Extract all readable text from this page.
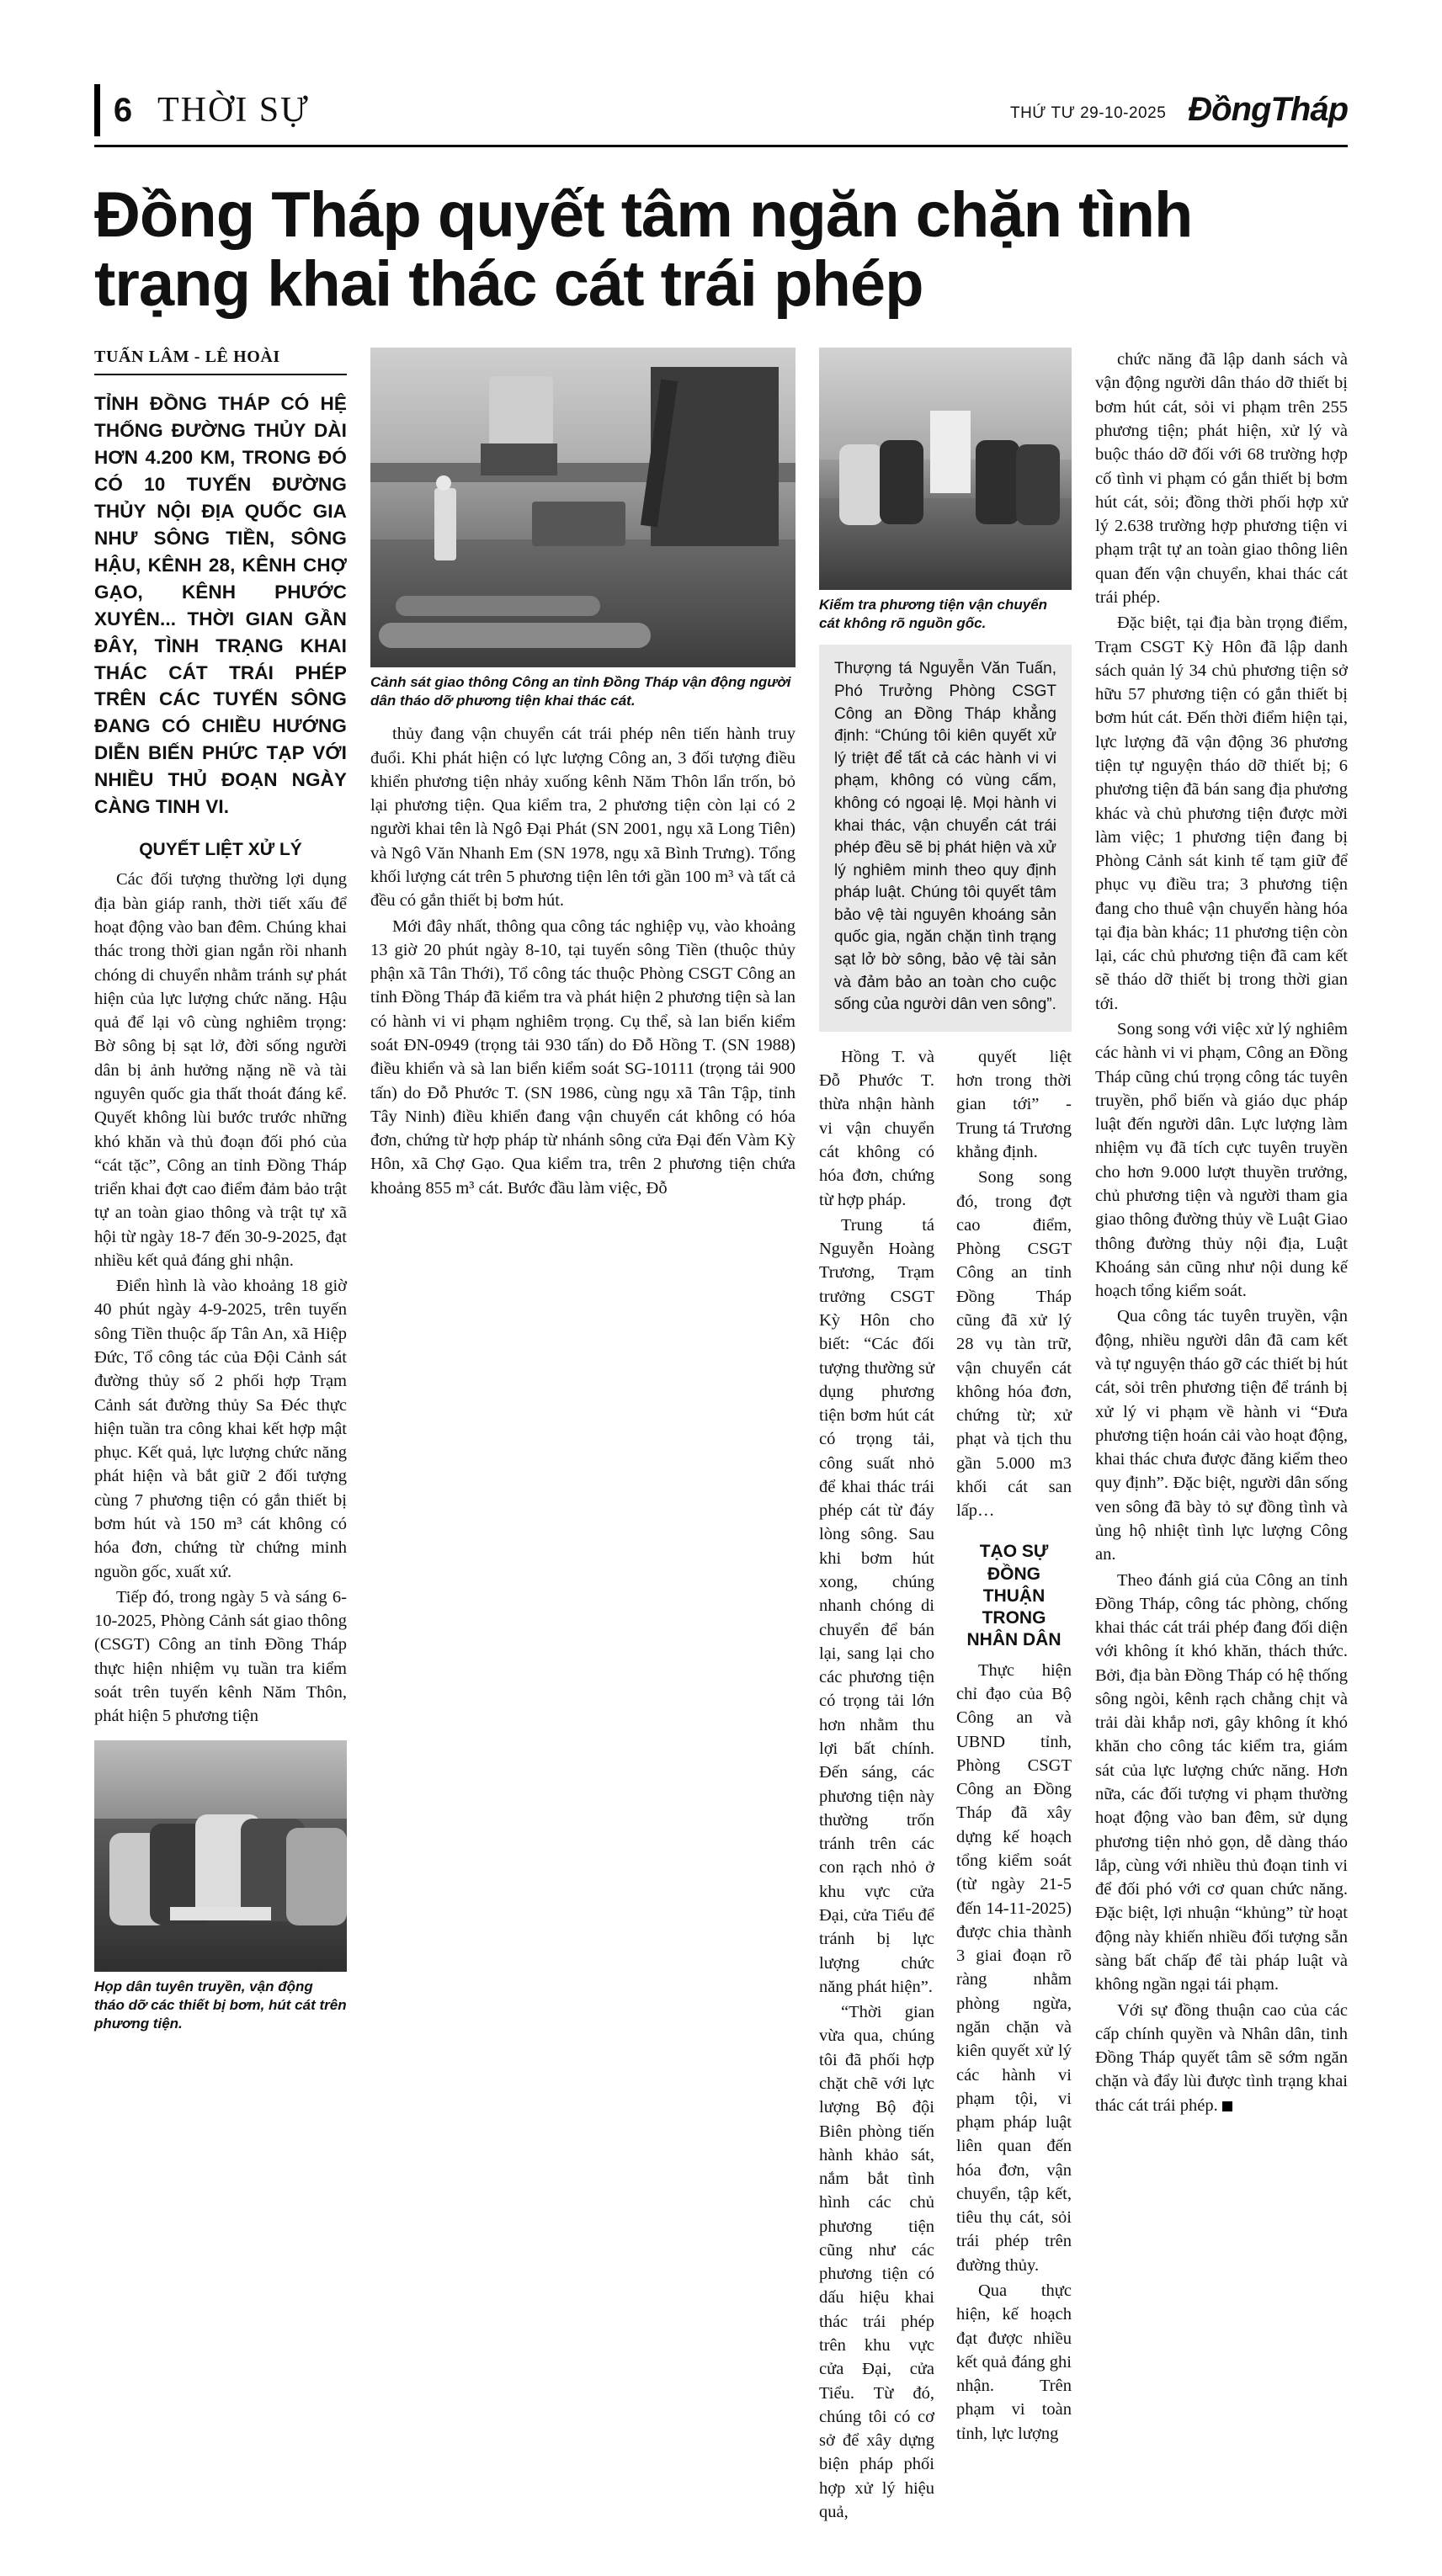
6 THỜI SỰ	THỨ TƯ 29-10-2025 ĐồngTháp
Đồng Tháp quyết tâm ngăn chặn tình trạng khai thác cát trái phép
TUẤN LÂM - LÊ HOÀI
TỈNH ĐỒNG THÁP CÓ HỆ THỐNG ĐƯỜNG THỦY DÀI HƠN 4.200 KM, TRONG ĐÓ CÓ 10 TUYẾN ĐƯỜNG THỦY NỘI ĐỊA QUỐC GIA NHƯ SÔNG TIỀN, SÔNG HẬU, KÊNH 28, KÊNH CHỢ GẠO, KÊNH PHƯỚC XUYÊN... THỜI GIAN GẦN ĐÂY, TÌNH TRẠNG KHAI THÁC CÁT TRÁI PHÉP TRÊN CÁC TUYẾN SÔNG ĐANG CÓ CHIỀU HƯỚNG DIỄN BIẾN PHỨC TẠP VỚI NHIỀU THỦ ĐOẠN NGÀY CÀNG TINH VI.
QUYẾT LIỆT XỬ LÝ

Các đối tượng thường lợi dụng địa bàn giáp ranh, thời tiết xấu để hoạt động vào ban đêm. Chúng khai thác trong thời gian ngắn rồi nhanh chóng di chuyển nhằm tránh sự phát hiện của lực lượng chức năng. Hậu quả để lại vô cùng nghiêm trọng: Bờ sông bị sạt lở, đời sống người dân bị ảnh hưởng nặng nề và tài nguyên quốc gia thất thoát đáng kể. Quyết không lùi bước trước những khó khăn và thủ đoạn đối phó của “cát tặc”, Công an tỉnh Đồng Tháp triển khai đợt cao điểm đảm bảo trật tự an toàn giao thông và trật tự xã hội từ ngày 18-7 đến 30-9-2025, đạt nhiều kết quả đáng ghi nhận.

Điển hình là vào khoảng 18 giờ 40 phút ngày 4-9-2025, trên tuyến sông Tiền thuộc ấp Tân An, xã Hiệp Đức, Tổ công tác của Đội Cảnh sát đường thủy số 2 phối hợp Trạm Cảnh sát đường thủy Sa Đéc thực hiện tuần tra công khai kết hợp mật phục. Kết quả, lực lượng chức năng phát hiện và bắt giữ 2 đối tượng cùng 7 phương tiện có gắn thiết bị bơm hút và 150 m³ cát không có hóa đơn, chứng từ chứng minh nguồn gốc, xuất xứ.

Tiếp đó, trong ngày 5 và sáng 6-10-2025, Phòng Cảnh sát giao thông (CSGT) Công an tỉnh Đồng Tháp thực hiện nhiệm vụ tuần tra kiểm soát trên tuyến kênh Năm Thôn, phát hiện 5 phương tiện

Họp dân tuyên truyền, vận động tháo dỡ các thiết bị bơm, hút cát trên phương tiện.
Cảnh sát giao thông Công an tỉnh Đồng Tháp vận động người dân tháo dỡ phương tiện khai thác cát.

thủy đang vận chuyển cát trái phép nên tiến hành truy đuổi. Khi phát hiện có lực lượng Công an, 3 đối tượng điều khiển phương tiện nhảy xuống kênh Năm Thôn lẩn trốn, bỏ lại phương tiện. Qua kiểm tra, 2 phương tiện còn lại có 2 người khai tên là Ngô Đại Phát (SN 2001, ngụ xã Long Tiên) và Ngô Văn Nhanh Em (SN 1978, ngụ xã Bình Trưng). Tổng khối lượng cát trên 5 phương tiện lên tới gần 100 m³ và tất cả đều có gắn thiết bị bơm hút.

Mới đây nhất, thông qua công tác nghiệp vụ, vào khoảng 13 giờ 20 phút ngày 8-10, tại tuyến sông Tiền (thuộc thủy phận xã Tân Thới), Tổ công tác thuộc Phòng CSGT Công an tỉnh Đồng Tháp đã kiểm tra và phát hiện 2 phương tiện sà lan có hành vi vi phạm nghiêm trọng. Cụ thể, sà lan biển kiểm soát ĐN-0949 (trọng tải 930 tấn) do Đỗ Hồng T. (SN 1988) điều khiển và sà lan biển kiểm soát SG-10111 (trọng tải 900 tấn) do Đỗ Phước T. (SN 1986, cùng ngụ xã Tân Tập, tỉnh Tây Ninh) điều khiển đang vận chuyển cát không có hóa đơn, chứng từ hợp pháp từ nhánh sông cửa Đại đến Vàm Kỳ Hôn, xã Chợ Gạo. Qua kiểm tra, trên 2 phương tiện chứa khoảng 855 m³ cát. Bước đầu làm việc, Đỗ

Kiểm tra phương tiện vận chuyển cát không rõ nguồn gốc.

Thượng tá Nguyễn Văn Tuấn, Phó Trưởng Phòng CSGT Công an Đồng Tháp khẳng định: “Chúng tôi kiên quyết xử lý triệt để tất cả các hành vi vi phạm, không có vùng cấm, không có ngoại lệ. Mọi hành vi khai thác, vận chuyển cát trái phép đều sẽ bị phát hiện và xử lý nghiêm minh theo quy định pháp luật. Chúng tôi quyết tâm bảo vệ tài nguyên khoáng sản quốc gia, ngăn chặn tình trạng sạt lở bờ sông, bảo vệ tài sản và đảm bảo an toàn cho cuộc sống của người dân ven sông”.

Hồng T. và Đỗ Phước T. thừa nhận hành vi vận chuyển cát không có hóa đơn, chứng từ hợp pháp.

Trung tá Nguyễn Hoàng Trương, Trạm trưởng CSGT Kỳ Hôn cho biết: “Các đối tượng thường sử dụng phương tiện bơm hút cát có trọng tải, công suất nhỏ để khai thác trái phép cát từ đáy lòng sông. Sau khi bơm hút xong, chúng nhanh chóng di chuyển để bán lại, sang lại cho các phương tiện có trọng tải lớn hơn nhằm thu lợi bất chính. Đến sáng, các phương tiện này thường trốn tránh trên các con rạch nhỏ ở khu vực cửa Đại, cửa Tiểu để tránh bị lực lượng chức năng phát hiện”.

“Thời gian vừa qua, chúng tôi đã phối hợp chặt chẽ với lực lượng Bộ đội Biên phòng tiến hành khảo sát, nắm bắt tình hình các chủ phương tiện cũng như các phương tiện có dấu hiệu khai thác trái phép trên khu vực cửa Đại, cửa Tiểu. Từ đó, chúng tôi có cơ sở để xây dựng biện pháp phối hợp xử lý hiệu quả,

quyết liệt hơn trong thời gian tới” - Trung tá Trương khẳng định.

Song song đó, trong đợt cao điểm, Phòng CSGT Công an tỉnh Đồng Tháp cũng đã xử lý 28 vụ tàn trữ, vận chuyển cát không hóa đơn, chứng từ; xử phạt và tịch thu gần 5.000 m3 khối cát san lấp…

TẠO SỰ ĐỒNG THUẬN TRONG NHÂN DÂN

Thực hiện chỉ đạo của Bộ Công an và UBND tỉnh, Phòng CSGT Công an Đồng Tháp đã xây dựng kế hoạch tổng kiểm soát (từ ngày 21-5 đến 14-11-2025) được chia thành 3 giai đoạn rõ ràng nhằm phòng ngừa, ngăn chặn và kiên quyết xử lý các hành vi phạm tội, vi phạm pháp luật liên quan đến hóa đơn, vận chuyển, tập kết, tiêu thụ cát, sỏi trái phép trên đường thủy.

Qua thực hiện, kế hoạch đạt được nhiều kết quả đáng ghi nhận. Trên phạm vi toàn tỉnh, lực lượng

chức năng đã lập danh sách và vận động người dân tháo dỡ thiết bị bơm hút cát, sỏi vi phạm trên 255 phương tiện; phát hiện, xử lý và buộc tháo dỡ đối với 68 trường hợp cố tình vi phạm có gắn thiết bị bơm hút cát, sỏi; đồng thời phối hợp xử lý 2.638 trường hợp phương tiện vi phạm trật tự an toàn giao thông liên quan đến vận chuyển, khai thác cát trái phép.

Đặc biệt, tại địa bàn trọng điểm, Trạm CSGT Kỳ Hôn đã lập danh sách quản lý 34 chủ phương tiện sở hữu 57 phương tiện có gắn thiết bị bơm hút cát. Đến thời điểm hiện tại, lực lượng đã vận động 36 phương tiện tự nguyện tháo dỡ thiết bị; 6 phương tiện đã bán sang địa phương khác và chủ phương tiện được mời làm việc; 1 phương tiện đang bị Phòng Cảnh sát kinh tế tạm giữ để phục vụ điều tra; 3 phương tiện đang cho thuê vận chuyển hàng hóa tại địa bàn khác; 11 phương tiện còn lại, các chủ phương tiện đã cam kết sẽ tháo dỡ thiết bị trong thời gian tới.

Song song với việc xử lý nghiêm các hành vi vi phạm, Công an Đồng Tháp cũng chú trọng công tác tuyên truyền, phổ biến và giáo dục pháp luật đến người dân. Lực lượng làm nhiệm vụ đã tích cực tuyên truyền cho hơn 9.000 lượt thuyền trưởng, chủ phương tiện và người tham gia giao thông đường thủy về Luật Giao thông đường thủy nội địa, Luật Khoáng sản cũng như nội dung kế hoạch tổng kiểm soát.

Qua công tác tuyên truyền, vận động, nhiều người dân đã cam kết và tự nguyện tháo gỡ các thiết bị hút cát, sỏi trên phương tiện để tránh bị xử lý vi phạm về hành vi “Đưa phương tiện hoán cải vào hoạt động, khai thác chưa được đăng kiểm theo quy định”. Đặc biệt, người dân sống ven sông đã bày tỏ sự đồng tình và ủng hộ nhiệt tình lực lượng Công an.

Theo đánh giá của Công an tỉnh Đồng Tháp, công tác phòng, chống khai thác cát trái phép đang đối diện với không ít khó khăn, thách thức. Bởi, địa bàn Đồng Tháp có hệ thống sông ngòi, kênh rạch chằng chịt và trải dài khắp nơi, gây không ít khó khăn cho công tác kiểm tra, giám sát của lực lượng chức năng. Hơn nữa, các đối tượng vi phạm thường hoạt động vào ban đêm, sử dụng phương tiện nhỏ gọn, dễ dàng tháo lắp, cùng với nhiều thủ đoạn tinh vi để đối phó với cơ quan chức năng. Đặc biệt, lợi nhuận “khủng” từ hoạt động này khiến nhiều đối tượng sẵn sàng bất chấp để tài pháp luật và không ngần ngại tái phạm.

Với sự đồng thuận cao của các cấp chính quyền và Nhân dân, tinh Đồng Tháp quyết tâm sẽ sớm ngăn chặn và đẩy lùi được tình trạng khai thác cát trái phép.
